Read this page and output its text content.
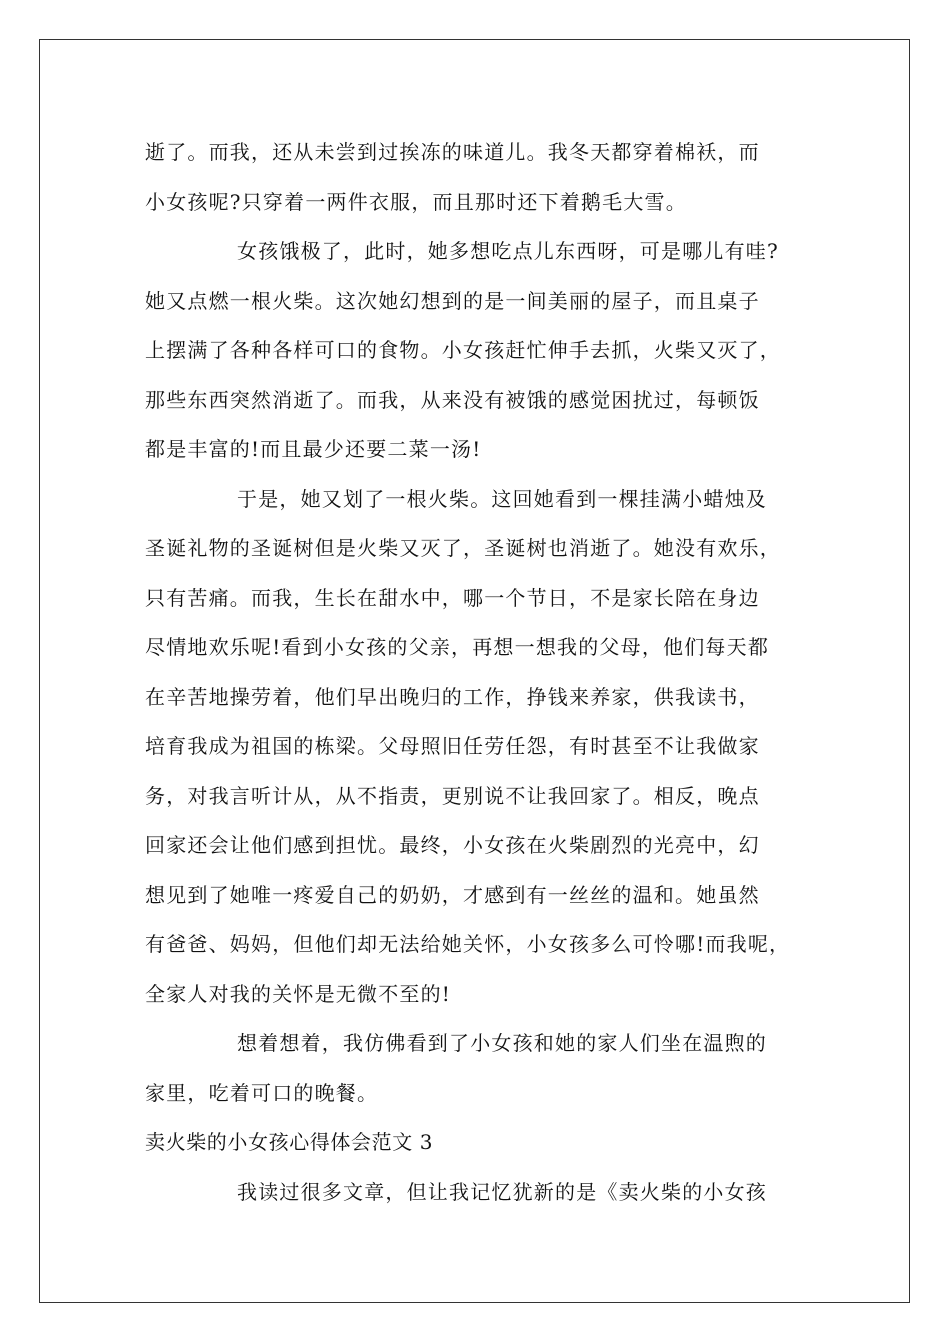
逝了。而我，还从未尝到过挨冻的味道儿。我冬天都穿着棉袄，而
小女孩呢?只穿着一两件衣服，而且那时还下着鹅毛大雪。
女孩饿极了，此时，她多想吃点儿东西呀，可是哪儿有哇?
她又点燃一根火柴。这次她幻想到的是一间美丽的屋子，而且桌子
上摆满了各种各样可口的食物。小女孩赶忙伸手去抓，火柴又灭了，
那些东西突然消逝了。而我，从来没有被饿的感觉困扰过，每顿饭
都是丰富的!而且最少还要二菜一汤!
于是，她又划了一根火柴。这回她看到一棵挂满小蜡烛及
圣诞礼物的圣诞树但是火柴又灭了，圣诞树也消逝了。她没有欢乐，
只有苦痛。而我，生长在甜水中，哪一个节日，不是家长陪在身边
尽情地欢乐呢!看到小女孩的父亲，再想一想我的父母，他们每天都
在辛苦地操劳着，他们早出晚归的工作，挣钱来养家，供我读书，
培育我成为祖国的栋梁。父母照旧任劳任怨，有时甚至不让我做家
务，对我言听计从，从不指责，更别说不让我回家了。相反，晚点
回家还会让他们感到担忧。最终，小女孩在火柴剧烈的光亮中，幻
想见到了她唯一疼爱自己的奶奶，才感到有一丝丝的温和。她虽然
有爸爸、妈妈，但他们却无法给她关怀，小女孩多么可怜哪!而我呢，
全家人对我的关怀是无微不至的!
想着想着，我仿佛看到了小女孩和她的家人们坐在温煦的
家里，吃着可口的晚餐。
卖火柴的小女孩心得体会范文 3
我读过很多文章，但让我记忆犹新的是《卖火柴的小女孩
